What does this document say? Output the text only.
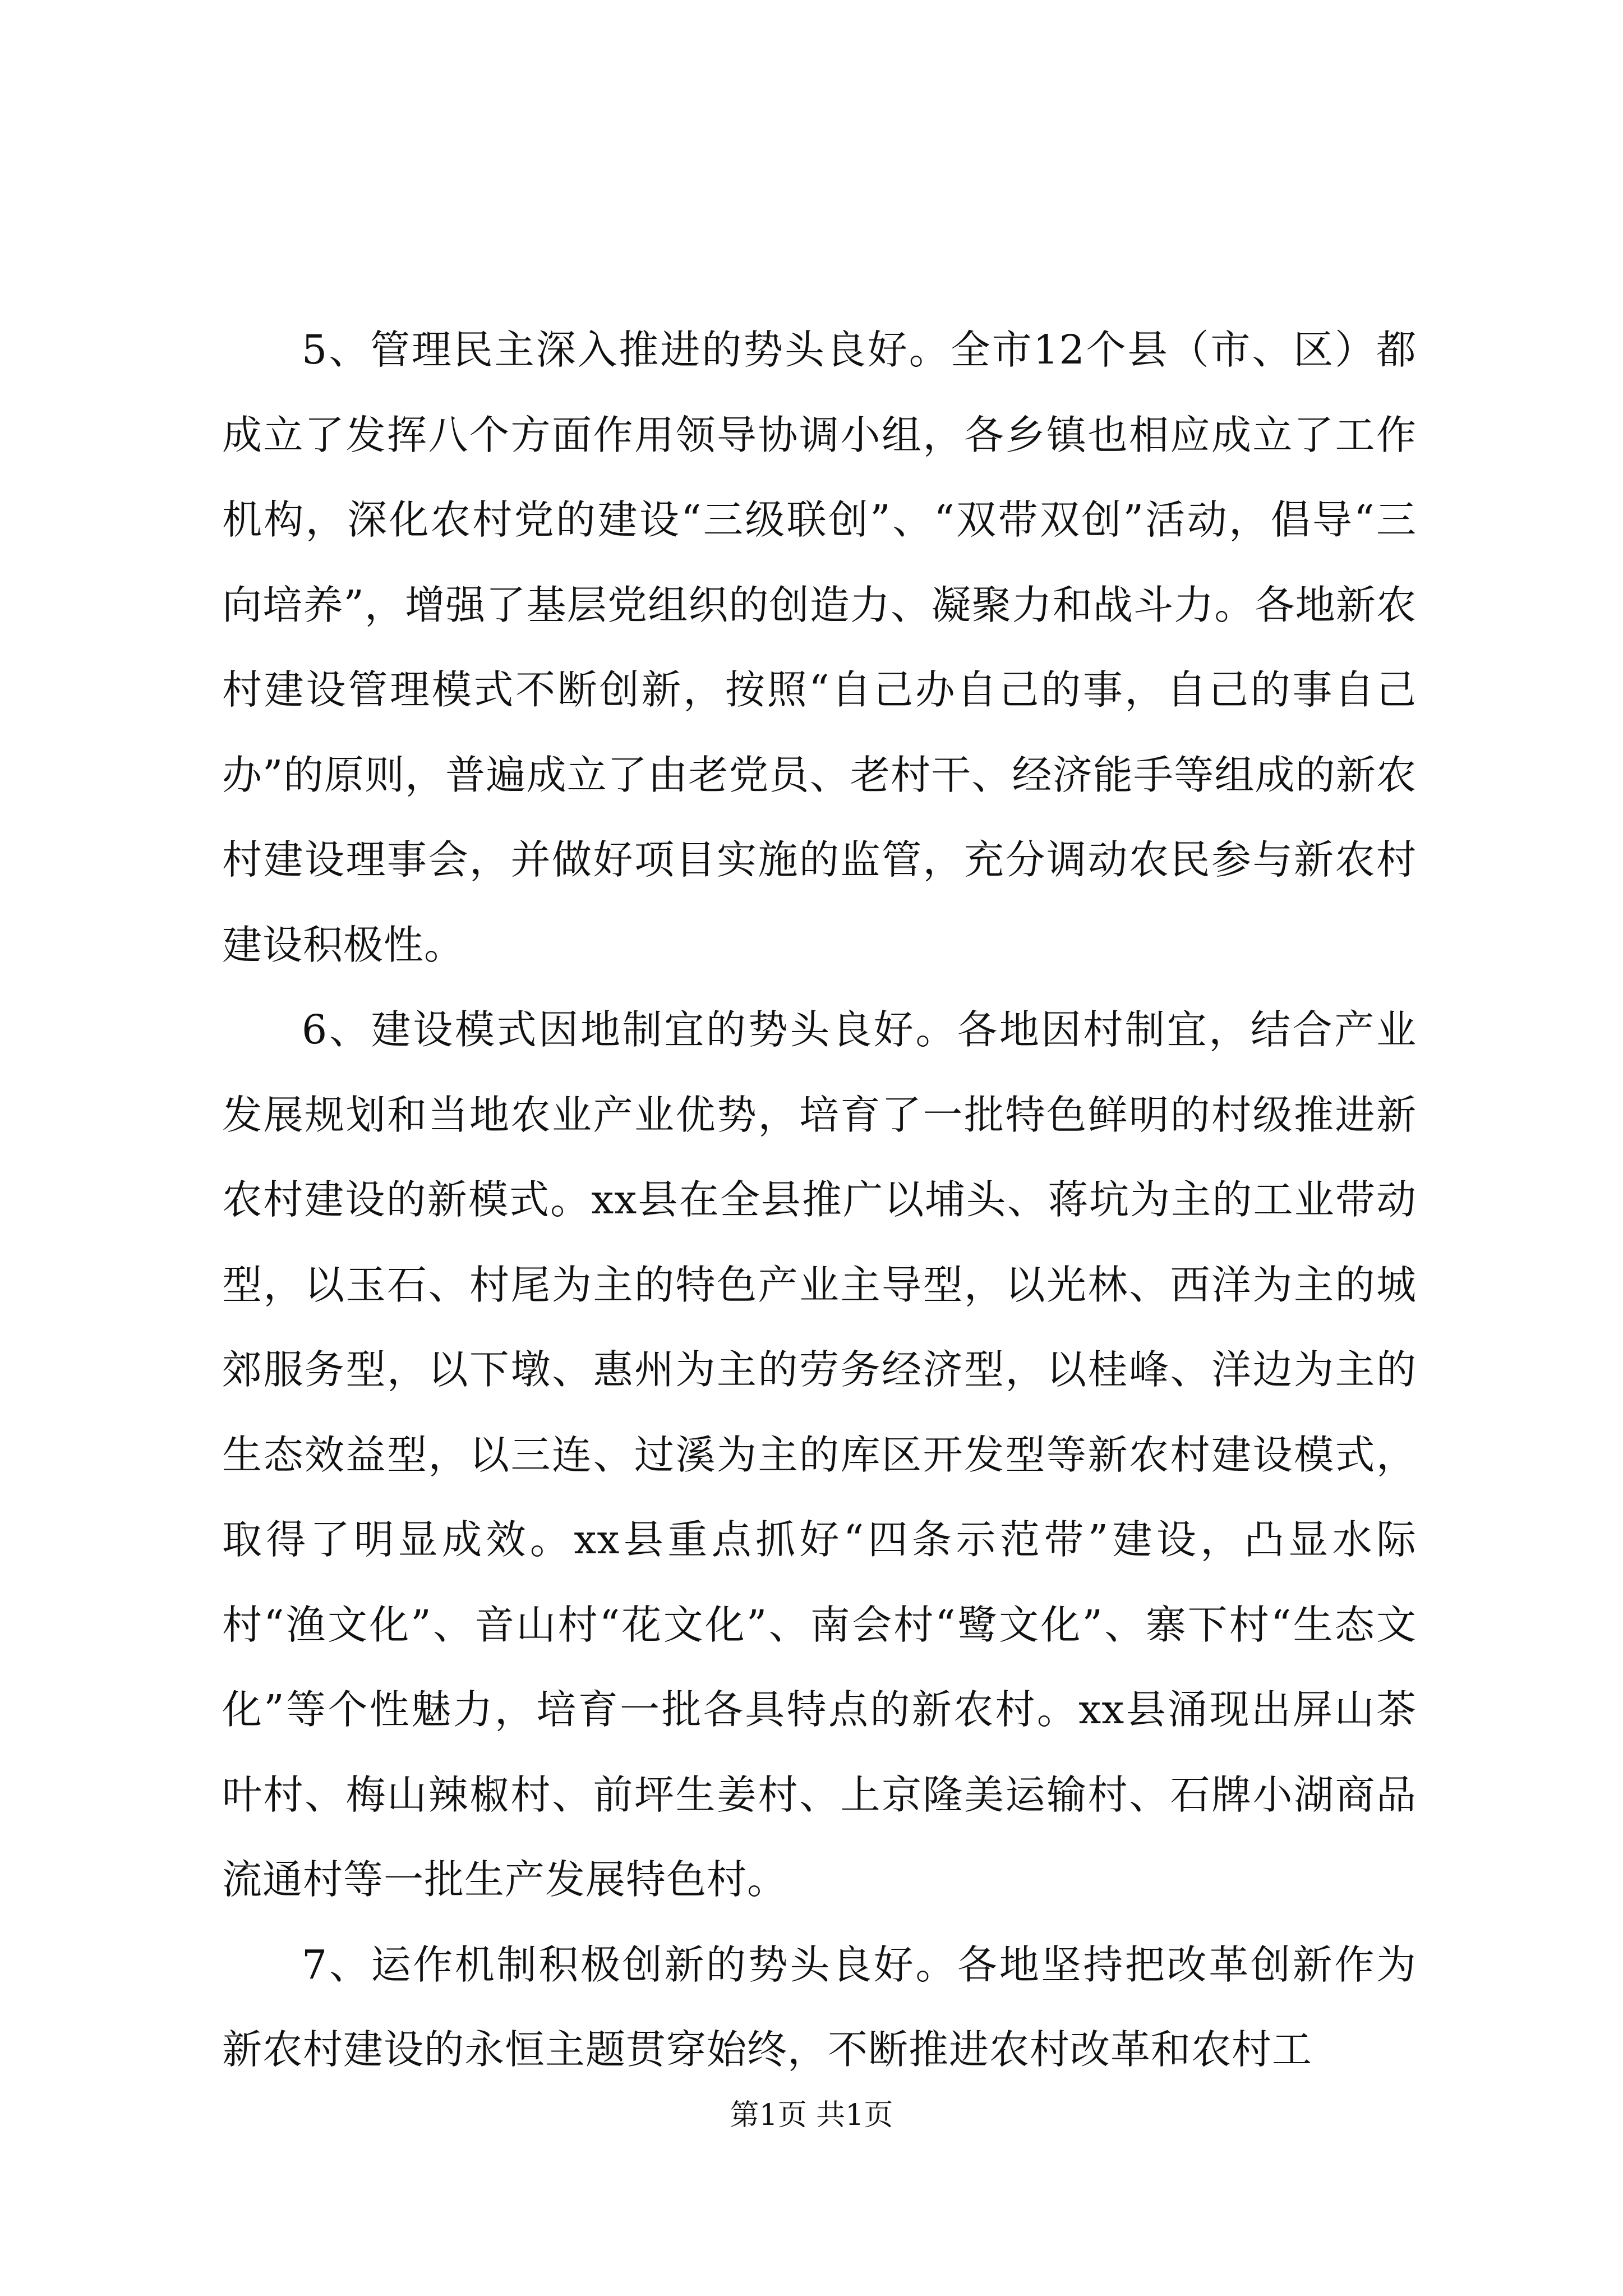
5、管理民主深入推进的势头良好。全市12个县（市、区）都成立了发挥八个方面作用领导协调小组，各乡镇也相应成立了工作机构，深化农村党的建设“三级联创”、“双带双创”活动，倡导“三向培养”，增强了基层党组织的创造力、凝聚力和战斗力。各地新农村建设管理模式不断创新，按照“自己办自己的事，自己的事自己办”的原则，普遍成立了由老党员、老村干、经济能手等组成的新农村建设理事会，并做好项目实施的监管，充分调动农民参与新农村建设积极性。

6、建设模式因地制宜的势头良好。各地因村制宜，结合产业发展规划和当地农业产业优势，培育了一批特色鲜明的村级推进新农村建设的新模式。xx县在全县推广以埔头、蒋坑为主的工业带动型，以玉石、村尾为主的特色产业主导型，以光林、西洋为主的城郊服务型，以下墩、惠州为主的劳务经济型，以桂峰、洋边为主的生态效益型，以三连、过溪为主的库区开发型等新农村建设模式，取得了明显成效。xx县重点抓好“四条示范带”建设，凸显水际村“渔文化”、音山村“花文化”、南会村“鹭文化”、寨下村“生态文化”等个性魅力，培育一批各具特点的新农村。xx县涌现出屏山茶叶村、梅山辣椒村、前坪生姜村、上京隆美运输村、石牌小湖商品流通村等一批生产发展特色村。

7、运作机制积极创新的势头良好。各地坚持把改革创新作为新农村建设的永恒主题贯穿始终，不断推进农村改革和农村工

第1页 共1页
